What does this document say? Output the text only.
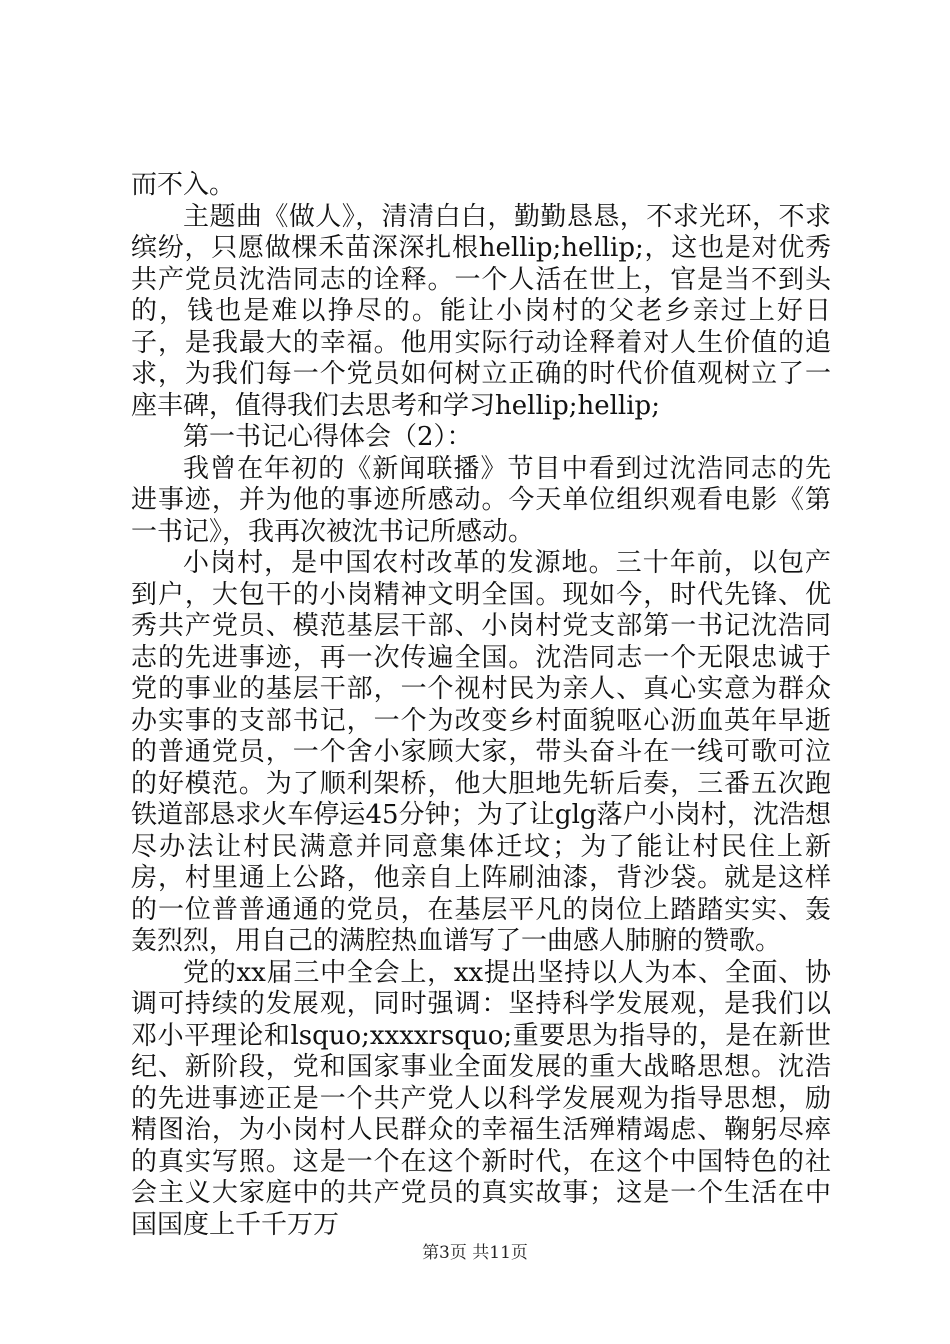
而不入。

主题曲《做人》，清清白白，勤勤恳恳，不求光环，不求缤纷，只愿做棵禾苗深深扎根hellip;hellip;，这也是对优秀共产党员沈浩同志的诠释。一个人活在世上，官是当不到头的，钱也是难以挣尽的。能让小岗村的父老乡亲过上好日子，是我最大的幸福。他用实际行动诠释着对人生价值的追求，为我们每一个党员如何树立正确的时代价值观树立了一座丰碑，值得我们去思考和学习hellip;hellip;

第一书记心得体会（2）：

我曾在年初的《新闻联播》节目中看到过沈浩同志的先进事迹，并为他的事迹所感动。今天单位组织观看电影《第一书记》，我再次被沈书记所感动。

小岗村，是中国农村改革的发源地。三十年前，以包产到户，大包干的小岗精神文明全国。现如今，时代先锋、优秀共产党员、模范基层干部、小岗村党支部第一书记沈浩同志的先进事迹，再一次传遍全国。沈浩同志一个无限忠诚于党的事业的基层干部，一个视村民为亲人、真心实意为群众办实事的支部书记，一个为改变乡村面貌呕心沥血英年早逝的普通党员，一个舍小家顾大家，带头奋斗在一线可歌可泣的好模范。为了顺利架桥，他大胆地先斩后奏，三番五次跑铁道部恳求火车停运45分钟；为了让glg落户小岗村，沈浩想尽办法让村民满意并同意集体迁坟；为了能让村民住上新房，村里通上公路，他亲自上阵刷油漆，背沙袋。就是这样的一位普普通通的党员，在基层平凡的岗位上踏踏实实、轰轰烈烈，用自己的满腔热血谱写了一曲感人肺腑的赞歌。

党的xx届三中全会上，xx提出坚持以人为本、全面、协调可持续的发展观，同时强调：坚持科学发展观，是我们以邓小平理论和lsquo;xxxxrsquo;重要思为指导的，是在新世纪、新阶段，党和国家事业全面发展的重大战略思想。沈浩的先进事迹正是一个共产党人以科学发展观为指导思想，励精图治，为小岗村人民群众的幸福生活殚精竭虑、鞠躬尽瘁的真实写照。这是一个在这个新时代，在这个中国特色的社会主义大家庭中的共产党员的真实故事；这是一个生活在中国国度上千千万万

第3页 共11页
